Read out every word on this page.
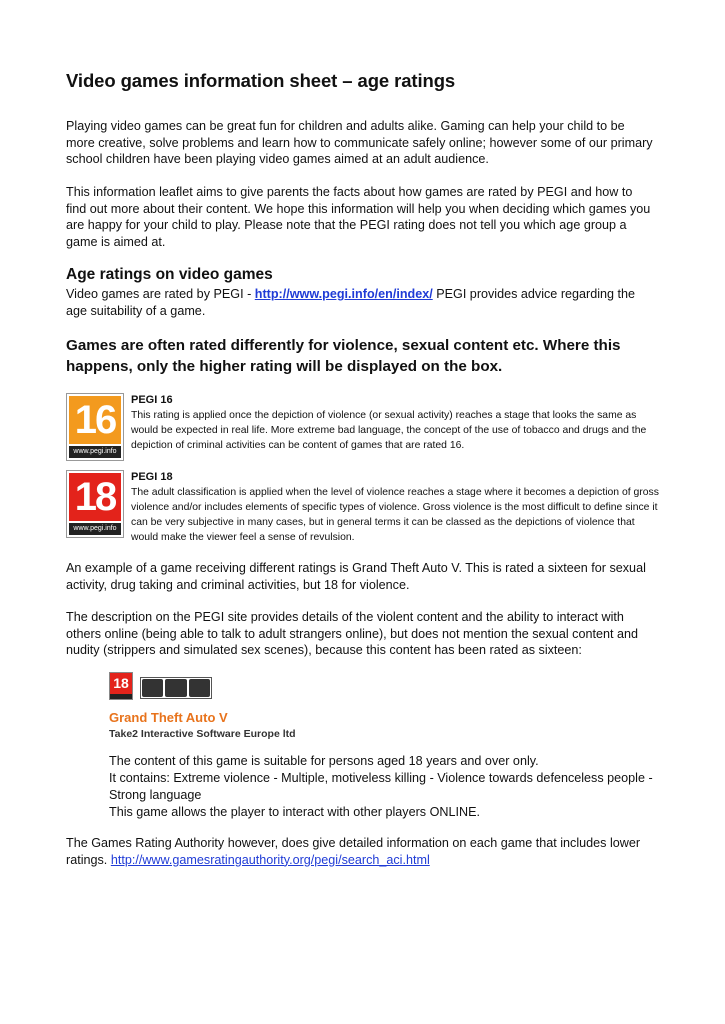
Video games information sheet – age ratings

Playing video games can be great fun for children and adults alike. Gaming can help your child to be more creative, solve problems and learn how to communicate safely online; however some of our primary school children have been playing video games aimed at an adult audience.

This information leaflet aims to give parents the facts about how games are rated by PEGI and how to find out more about their content. We hope this information will help you when deciding which games you are happy for your child to play. Please note that the PEGI rating does not tell you which age group a game is aimed at.

Age ratings on video games

Video games are rated by PEGI - http://www.pegi.info/en/index/ PEGI provides advice regarding the age suitability of a game.

Games are often rated differently for violence, sexual content etc. Where this happens, only the higher rating will be displayed on the box.
16
www.pegi.info
PEGI 16
This rating is applied once the depiction of violence (or sexual activity) reaches a stage that looks the same as would be expected in real life. More extreme bad language, the concept of the use of tobacco and drugs and the depiction of criminal activities can be content of games that are rated 16.
18
www.pegi.info
PEGI 18
The adult classification is applied when the level of violence reaches a stage where it becomes a depiction of gross violence and/or includes elements of specific types of violence. Gross violence is the most difficult to define since it can be very subjective in many cases, but in general terms it can be classed as the depictions of violence that would make the viewer feel a sense of revulsion.

An example of a game receiving different ratings is Grand Theft Auto V. This is rated a sixteen for sexual activity, drug taking and criminal activities, but 18 for violence.

The description on the PEGI site provides details of the violent content and the ability to interact with others online (being able to talk to adult strangers online), but does not mention the sexual content and nudity (strippers and simulated sex scenes), because this content has been rated as sixteen:

18
Grand Theft Auto V
Take2 Interactive Software Europe ltd
The content of this game is suitable for persons aged 18 years and over only.
It contains: Extreme violence - Multiple, motiveless killing - Violence towards defenceless people - Strong language
This game allows the player to interact with other players ONLINE.

The Games Rating Authority however, does give detailed information on each game that includes lower ratings. http://www.gamesratingauthority.org/pegi/search_aci.html
